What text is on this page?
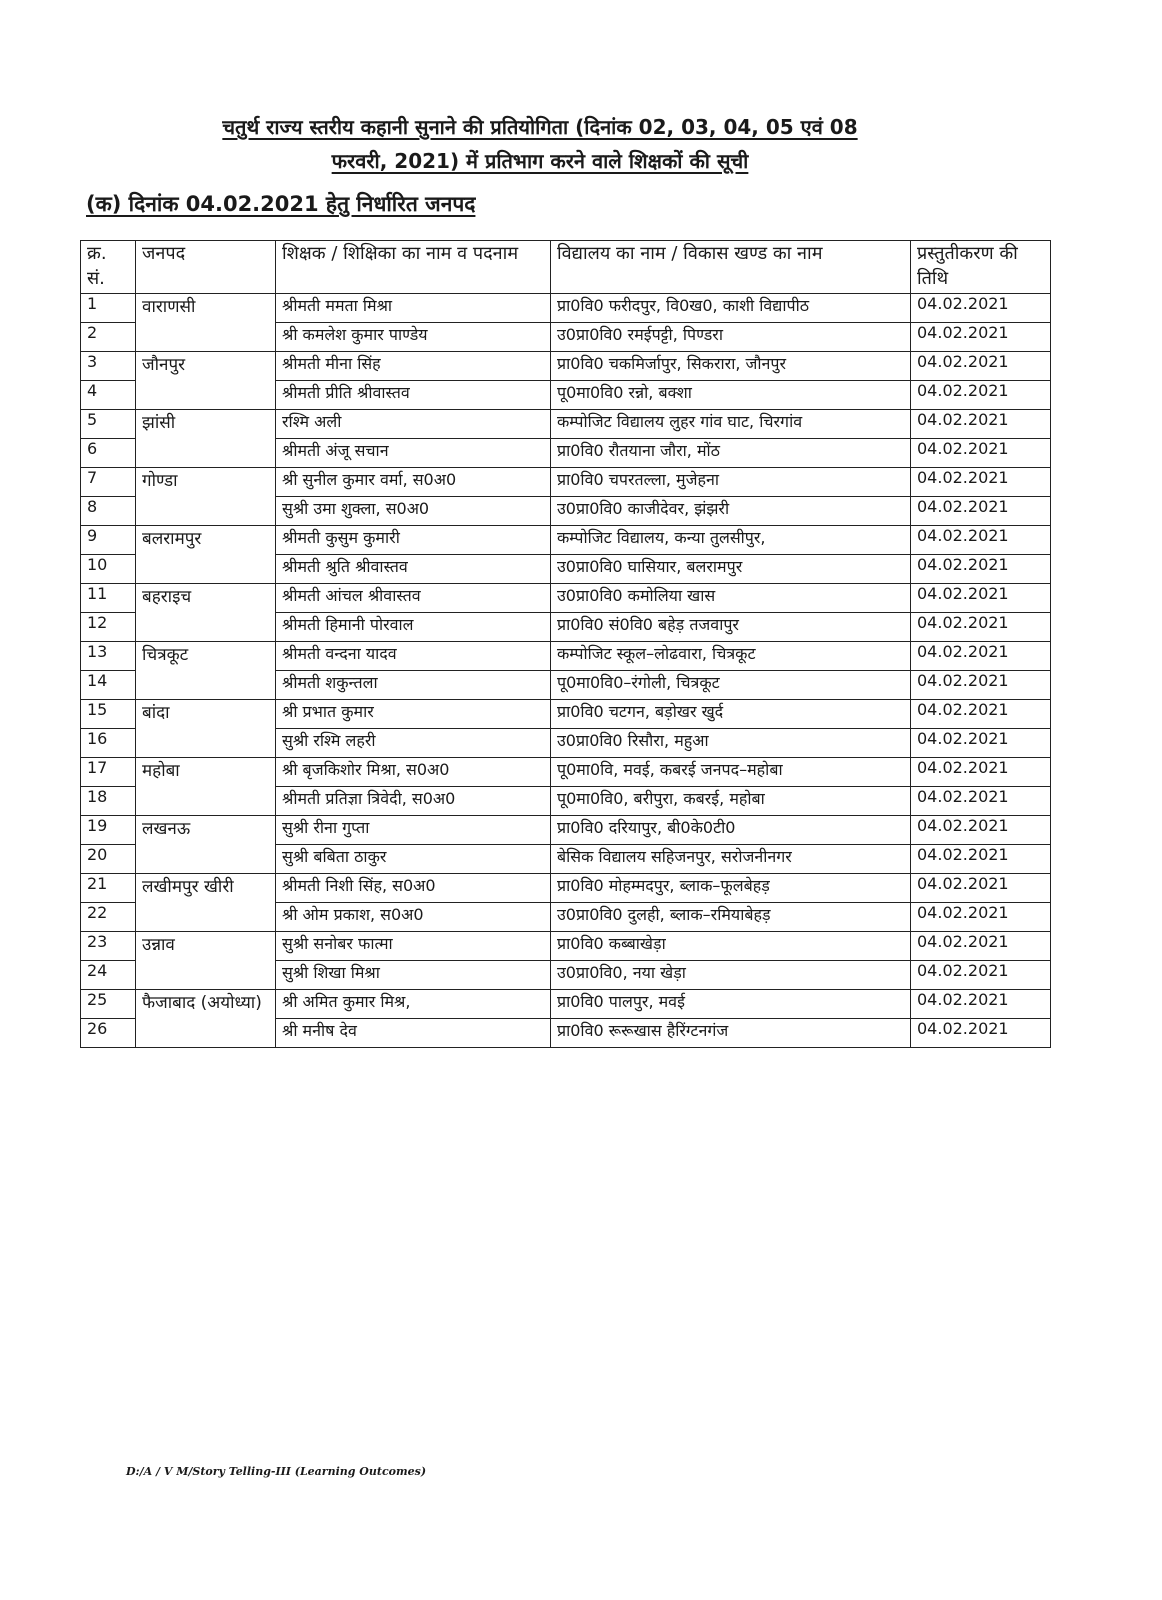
चतुर्थ राज्य स्तरीय कहानी सुनाने की प्रतियोगिता (दिनांक 02, 03, 04, 05 एवं 08
फरवरी, 2021) में प्रतिभाग करने वाले शिक्षकों की सूची
(क) दिनांक 04.02.2021 हेतु निर्धारित जनपद
क्र. सं.	जनपद	शिक्षक / शिक्षिका का नाम व पदनाम	विद्यालय का नाम / विकास खण्ड का नाम	प्रस्तुतीकरण की तिथि
1	वाराणसी	श्रीमती ममता मिश्रा	प्रा0वि0 फरीदपुर, वि0ख0, काशी विद्यापीठ	04.02.2021
2		श्री कमलेश कुमार पाण्डेय	उ0प्रा0वि0 रमईपट्टी, पिण्डरा	04.02.2021
3	जौनपुर	श्रीमती मीना सिंह	प्रा0वि0 चकमिर्जापुर, सिकरारा, जौनपुर	04.02.2021
4		श्रीमती प्रीति श्रीवास्तव	पू0मा0वि0 रन्नो, बक्शा	04.02.2021
5	झांसी	रश्मि अली	कम्पोजिट विद्यालय लुहर गांव घाट, चिरगांव	04.02.2021
6		श्रीमती अंजू सचान	प्रा0वि0 रौतयाना जौरा, मोंठ	04.02.2021
7	गोण्डा	श्री सुनील कुमार वर्मा, स0अ0	प्रा0वि0 चपरतल्ला, मुजेहना	04.02.2021
8		सुश्री उमा शुक्ला, स0अ0	उ0प्रा0वि0 काजीदेवर, झंझरी	04.02.2021
9	बलरामपुर	श्रीमती कुसुम कुमारी	कम्पोजिट विद्यालय, कन्या तुलसीपुर,	04.02.2021
10		श्रीमती श्रुति श्रीवास्तव	उ0प्रा0वि0 घासियार, बलरामपुर	04.02.2021
11	बहराइच	श्रीमती आंचल श्रीवास्तव	उ0प्रा0वि0 कमोलिया खास	04.02.2021
12		श्रीमती हिमानी पोरवाल	प्रा0वि0 सं0वि0 बहेड़ तजवापुर	04.02.2021
13	चित्रकूट	श्रीमती वन्दना यादव	कम्पोजिट स्कूल–लोढवारा, चित्रकूट	04.02.2021
14		श्रीमती शकुन्तला	पू0मा0वि0–रंगोली, चित्रकूट	04.02.2021
15	बांदा	श्री प्रभात कुमार	प्रा0वि0 चटगन, बड़ोखर खुर्द	04.02.2021
16		सुश्री रश्मि लहरी	उ0प्रा0वि0 रिसौरा, महुआ	04.02.2021
17	महोबा	श्री बृजकिशोर मिश्रा, स0अ0	पू0मा0वि, मवई, कबरई जनपद–महोबा	04.02.2021
18		श्रीमती प्रतिज्ञा त्रिवेदी, स0अ0	पू0मा0वि0, बरीपुरा, कबरई, महोबा	04.02.2021
19	लखनऊ	सुश्री रीना गुप्ता	प्रा0वि0 दरियापुर, बी0के0टी0	04.02.2021
20		सुश्री बबिता ठाकुर	बेसिक विद्यालय सहिजनपुर, सरोजनीनगर	04.02.2021
21	लखीमपुर खीरी	श्रीमती निशी सिंह, स0अ0	प्रा0वि0 मोहम्मदपुर, ब्लाक–फूलबेहड़	04.02.2021
22		श्री ओम प्रकाश, स0अ0	उ0प्रा0वि0 दुलही, ब्लाक–रमियाबेहड़	04.02.2021
23	उन्नाव	सुश्री सनोबर फात्मा	प्रा0वि0 कब्बाखेड़ा	04.02.2021
24		सुश्री शिखा मिश्रा	उ0प्रा0वि0, नया खेड़ा	04.02.2021
25	फैजाबाद (अयोध्या)	श्री अमित कुमार मिश्र,	प्रा0वि0 पालपुर, मवई	04.02.2021
26		श्री मनीष देव	प्रा0वि0 रूरूखास हैरिंग्टनगंज	04.02.2021
D:/A / V M/Story Telling-III (Learning Outcomes)
